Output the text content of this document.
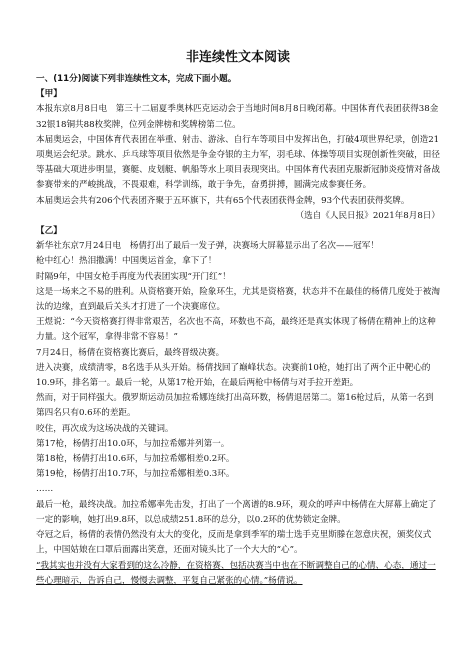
非连续性文本阅读

一、(11分)阅读下列非连续性文本，完成下面小题。

【甲】

本报东京8月8日电　第三十二届夏季奥林匹克运动会于当地时间8月8日晚闭幕。中国体育代表团获得38金32银18铜共88枚奖牌，位列金牌榜和奖牌榜第二位。

本届奥运会，中国体育代表团在举重、射击、游泳、自行车等项目中发挥出色，打破4项世界纪录，创造21项奥运会纪录。跳水、乒乓球等项目依然是争金夺银的主力军，羽毛球、体操等项目实现创新性突破，田径等基础大项进步明显，赛艇、皮划艇、帆船等水上项目表现突出。中国体育代表团克服新冠肺炎疫情对备战参赛带来的严峻挑战，不畏艰难，科学训练，敢于争先，奋勇拼搏，圆满完成参赛任务。

本届奥运会共有206个代表团齐聚于五环旗下，共有65个代表团获得金牌，93个代表团获得奖牌。

（选自《人民日报》2021年8月8日）

【乙】

新华社东京7月24日电　杨倩打出了最后一发子弹，决赛场大屏幕显示出了名次——冠军！

枪中红心！热泪撒满！中国奥运首金，拿下了！

时隔9年，中国女枪手再度为代表团实现“开门红”！

这是一场来之不易的胜利。从资格赛开始，险象环生，尤其是资格赛，状态并不在最佳的杨倩几度处于被淘汰的边缘，直到最后关头才打进了一个决赛席位。

王煜说：“今天资格赛打得非常艰苦，名次也不高，环数也不高，最终还是真实体现了杨倩在精神上的这种力量。这个冠军，拿得非常不容易！”

7月24日，杨倩在资格赛比赛后，最终晋级决赛。

进入决赛，成绩清零，8名选手从头开始。杨倩找回了巅峰状态。决赛前10枪，她打出了两个正中靶心的10.9环，排名第一。最后一轮，从第17枪开始，在最后两枪中杨倩与对手拉开差距。

然而，对于同样强大。俄罗斯运动员加拉希娜连续打出高环数，杨倩退居第二。第16枪过后，从第一名到第四名只有0.6环的差距。

咬住，再次成为这场决战的关键词。

第17枪，杨倩打出10.0环，与加拉希娜并列第一。

第18枪，杨倩打出10.6环，与加拉希娜相差0.2环。

第19枪，杨倩打出10.7环，与加拉希娜相差0.3环。

……

最后一枪，最终决战。加拉希娜率先击发，打出了一个离谱的8.9环，观众的呼声中杨倩在大屏幕上确定了一定的影响，她打出9.8环，以总成绩251.8环的总分，以0.2环的优势锁定金牌。

夺冠之后，杨倩的表情仍然没有太大的变化，反而是拿到季军的瑞士选手克里斯滕在忽意庆祝，颁奖仪式上，中国姑娘在口罩后面露出笑意，还面对镜头比了一个大大的“心”。

“我其实也并没有大家看到的这么冷静，在资格赛、包括决赛当中也在不断调整自己的心情、心态，通过一些心理暗示，告诉自己，慢慢去调整，平复自己紧张的心情。”杨倩说。
